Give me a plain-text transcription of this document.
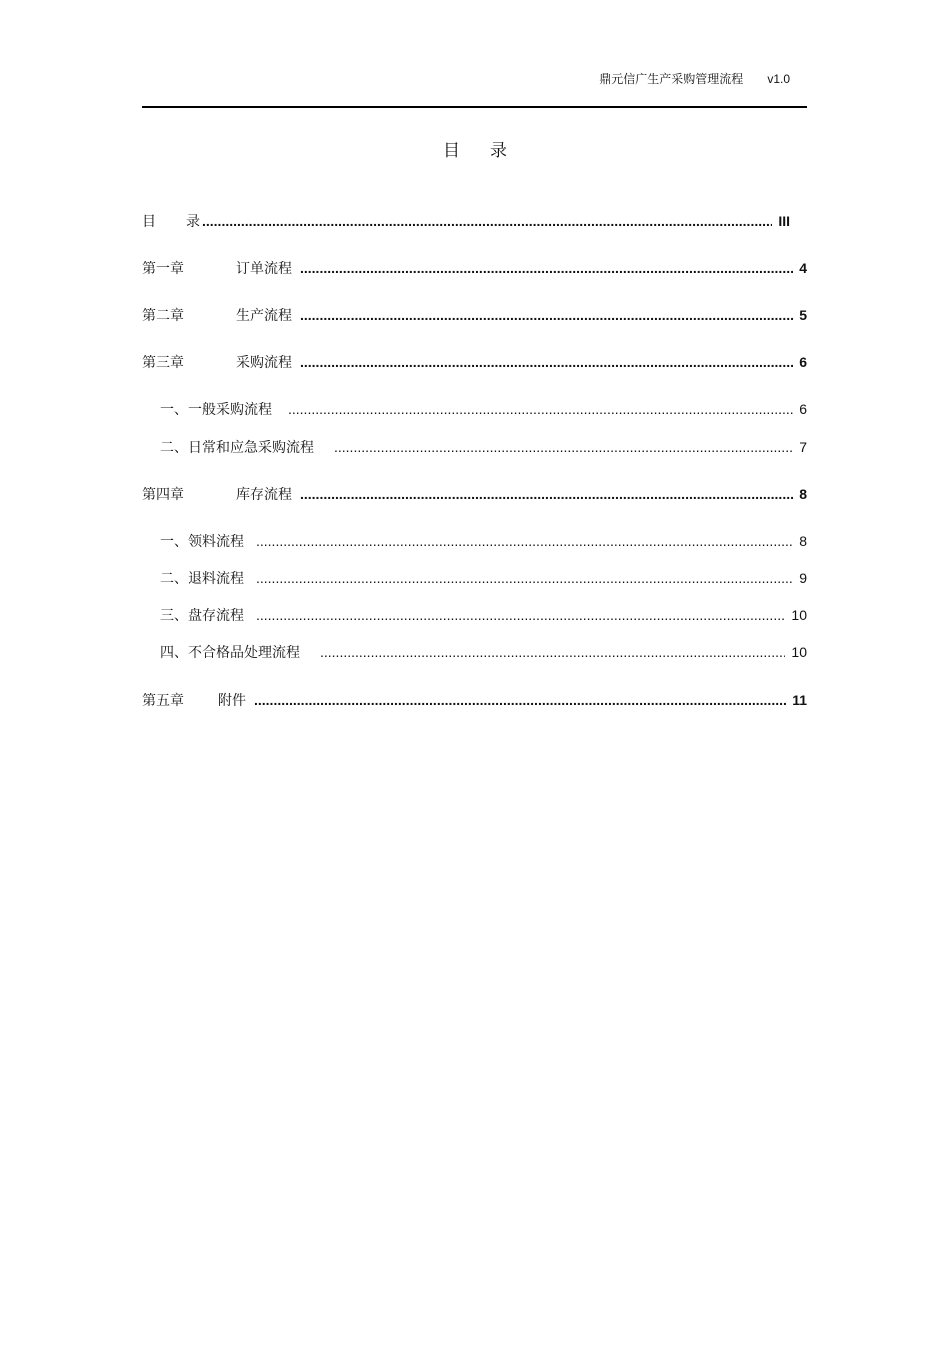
鼎元信广生产采购管理流程 v1.0
目 录
目	录 .....	III
第一章	订单流程 .....	4
第二章	生产流程 .....	5
第三章	采购流程 .....	6
一、 一般采购流程 .....	6
二、 日常和应急采购流程 .....	7
第四章	库存流程 .....	8
一、 领料流程 .....	8
二、 退料流程 .....	9
三、 盘存流程 .....	10
四、 不合格品处理流程 .....	10
第五章	附件 .....	11
